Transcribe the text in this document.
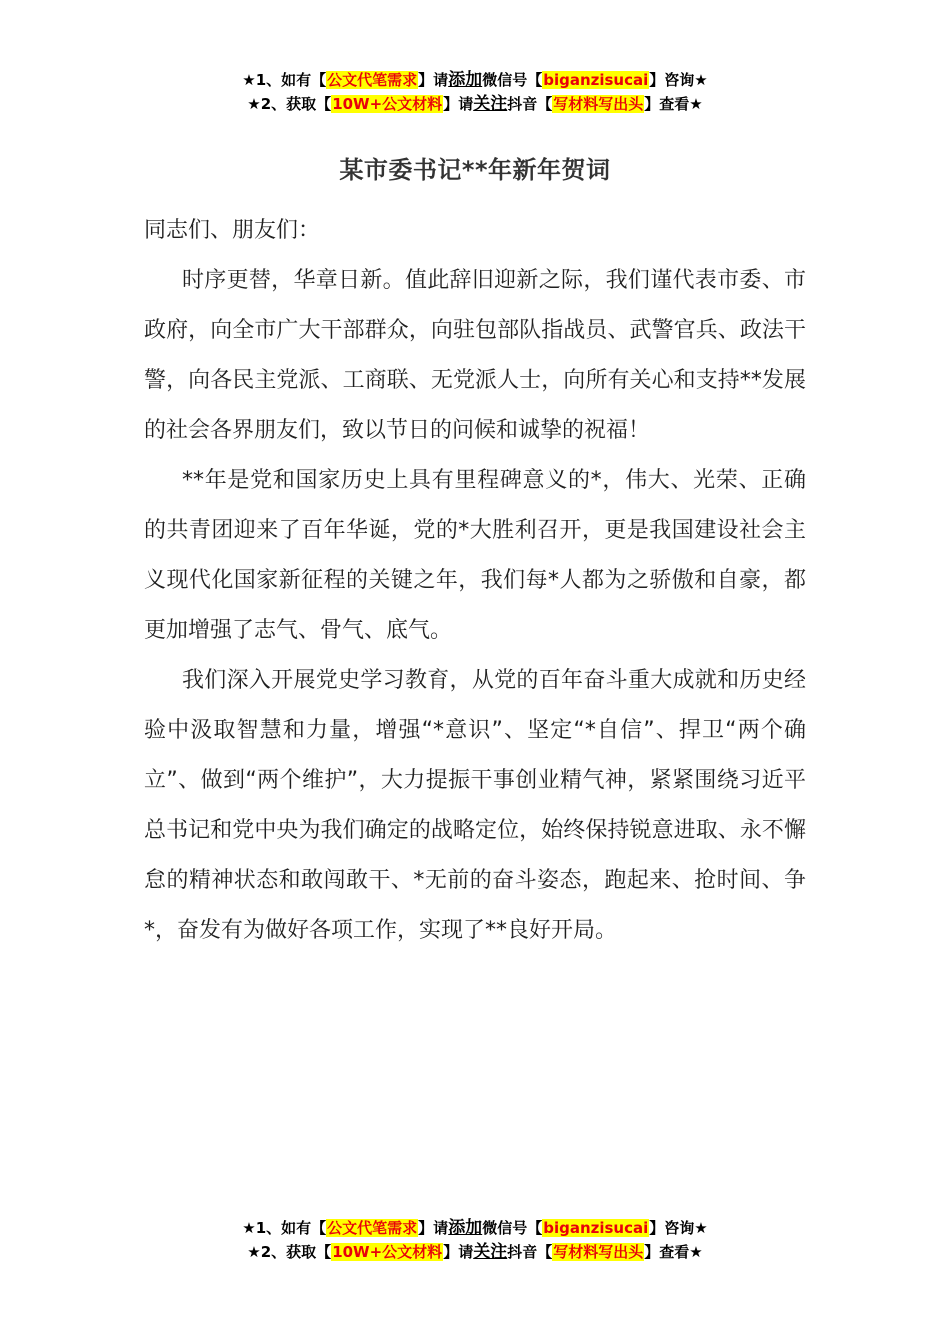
★1、如有【公文代笔需求】请添加微信号【biganzisucai】咨询★
★2、获取【10W+公文材料】请关注抖音【写材料写出头】查看★
某市委书记**年新年贺词

同志们、朋友们：

时序更替，华章日新。值此辞旧迎新之际，我们谨代表市委、市政府，向全市广大干部群众，向驻包部队指战员、武警官兵、政法干警，向各民主党派、工商联、无党派人士，向所有关心和支持**发展的社会各界朋友们，致以节日的问候和诚挚的祝福！

**年是党和国家历史上具有里程碑意义的*，伟大、光荣、正确的共青团迎来了百年华诞，党的*大胜利召开，更是我国建设社会主义现代化国家新征程的关键之年，我们每*人都为之骄傲和自豪，都更加增强了志气、骨气、底气。

我们深入开展党史学习教育，从党的百年奋斗重大成就和历史经验中汲取智慧和力量，增强“*意识”、坚定“*自信”、捍卫“两个确立”、做到“两个维护”，大力提振干事创业精气神，紧紧围绕习近平总书记和党中央为我们确定的战略定位，始终保持锐意进取、永不懈怠的精神状态和敢闯敢干、*无前的奋斗姿态，跑起来、抢时间、争*，奋发有为做好各项工作，实现了**良好开局。

★1、如有【公文代笔需求】请添加微信号【biganzisucai】咨询★
★2、获取【10W+公文材料】请关注抖音【写材料写出头】查看★
